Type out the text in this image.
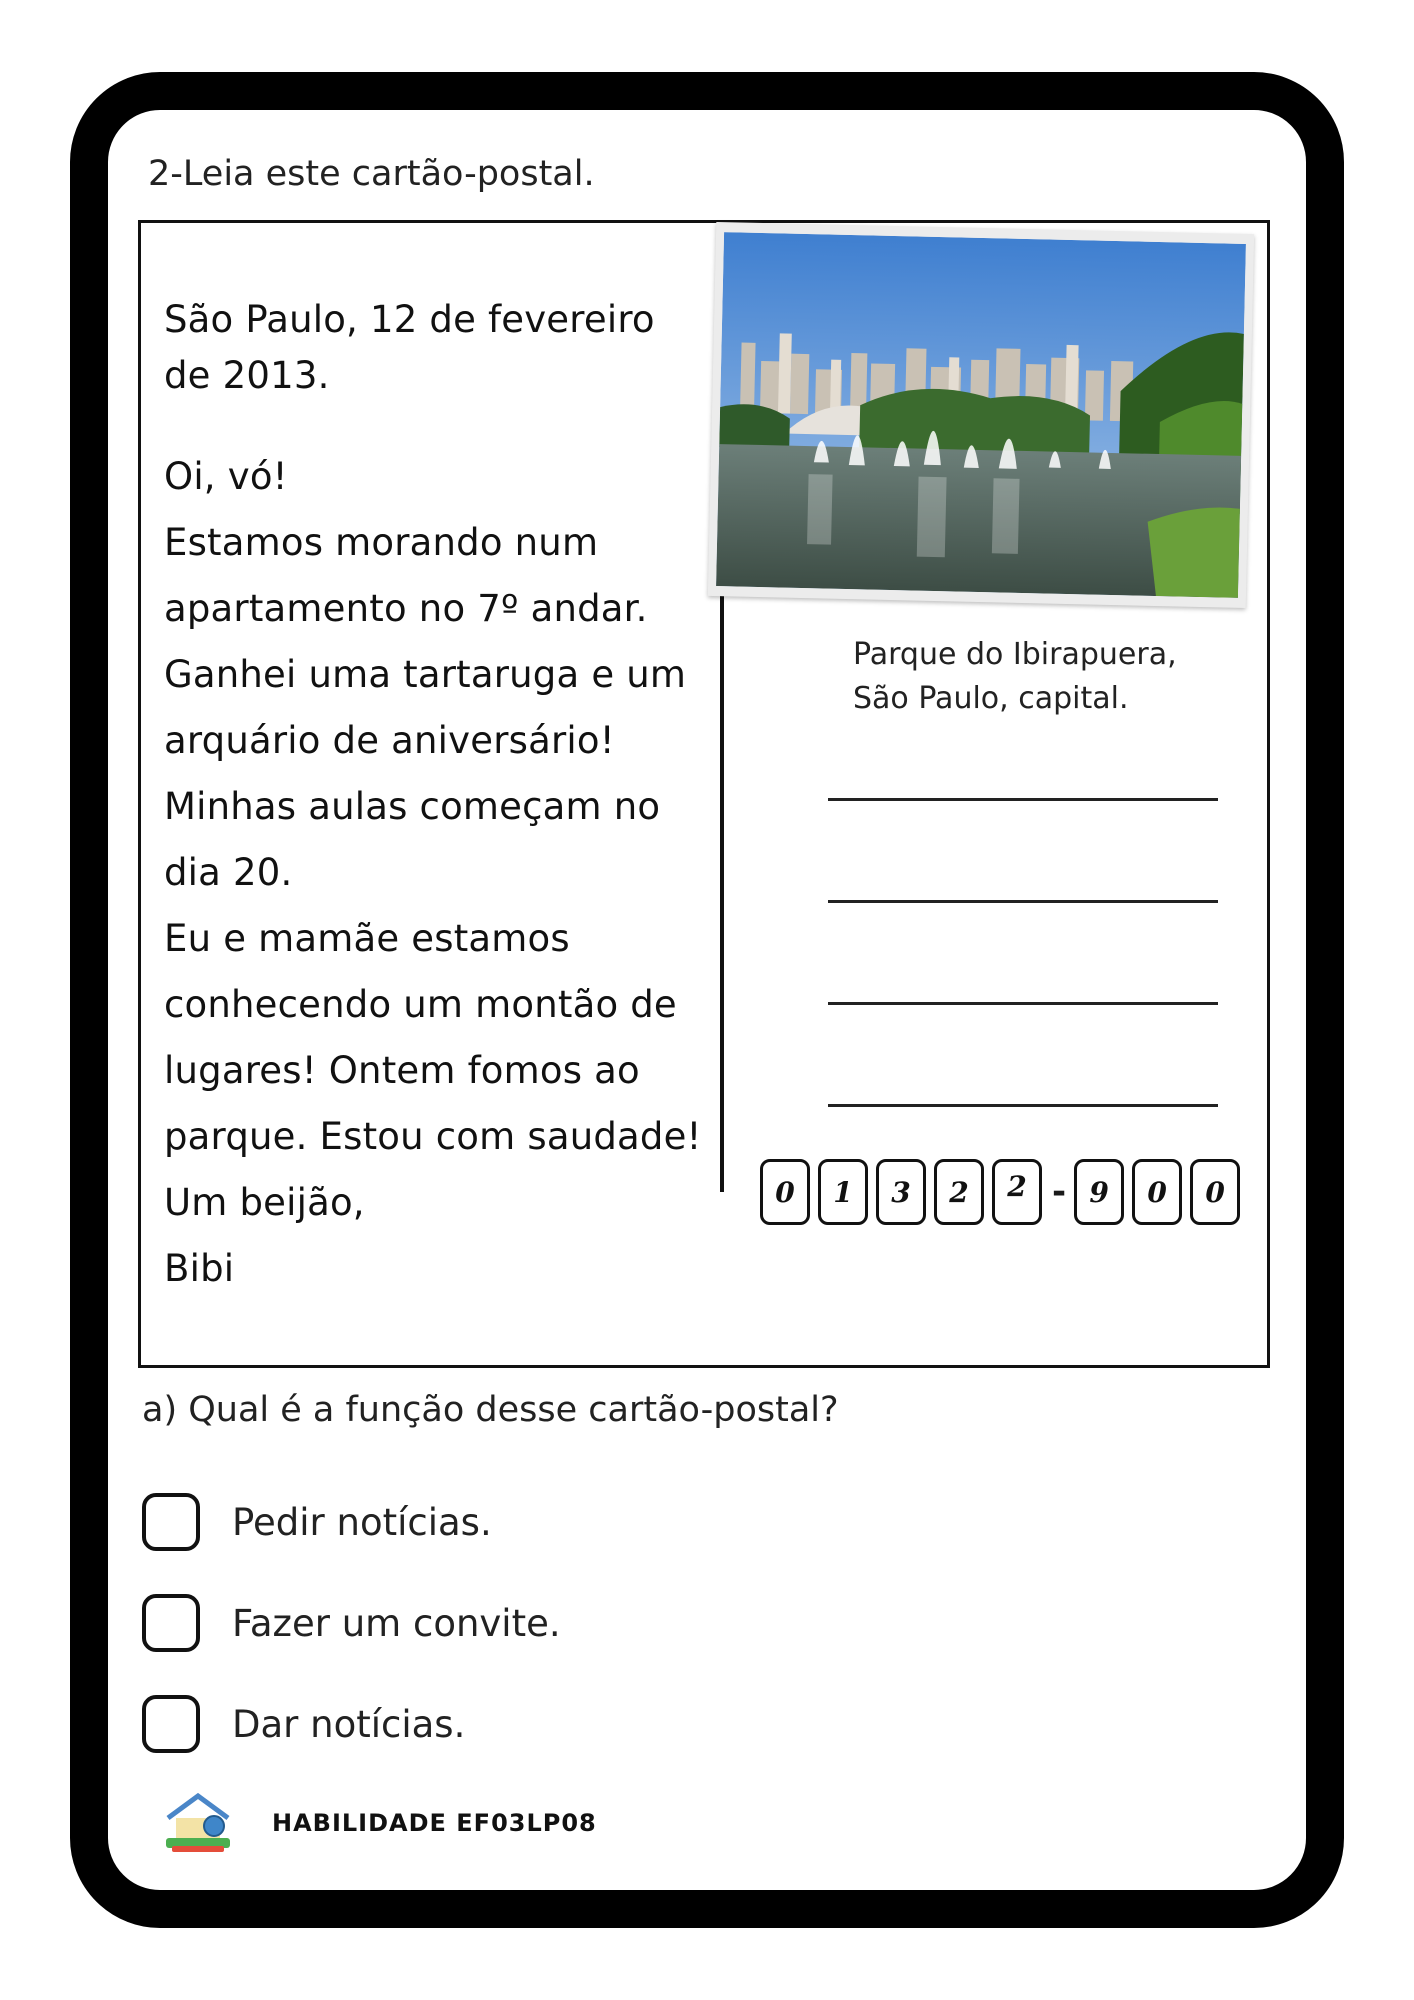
2-Leia este cartão-postal.
São Paulo, 12 de fevereiro
de 2013.
Oi, vó!
Estamos morando num
apartamento no 7º andar.
Ganhei uma tartaruga e um
arquário de aniversário!
Minhas aulas começam no
dia 20.
Eu e mamãe estamos
conhecendo um montão de
lugares! Ontem fomos ao
parque. Estou com saudade!
Um beijão,
Bibi
Parque do Ibirapuera,
São Paulo, capital.
0	1	3	2	2 - 9	0	0
a) Qual é a função desse cartão-postal?
Pedir notícias.
Fazer um convite.
Dar notícias.
HABILIDADE EF03LP08
